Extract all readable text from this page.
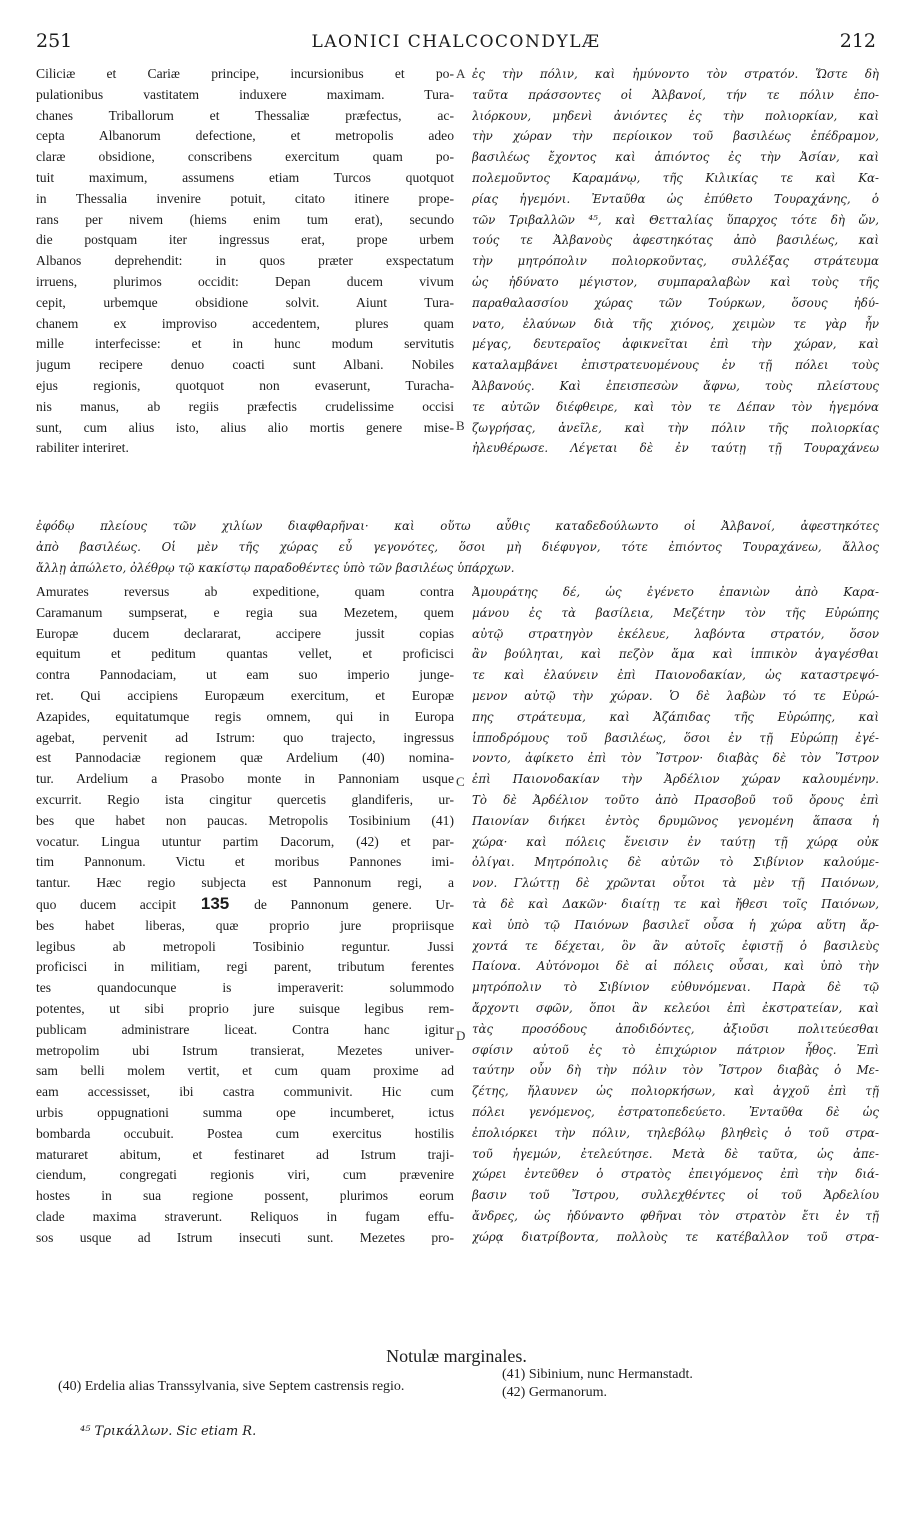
251	LAONICI CHALCOCONDYLÆ	212
Ciliciæ et Cariæ principe, incursionibus et po-
pulationibus vastitatem induxere maximam. Tura-
chanes Triballorum et Thessaliæ præfectus, ac-
cepta Albanorum defectione, et metropolis adeo
claræ obsidione, conscribens exercitum quam po-
tuit maximum, assumens etiam Turcos quotquot
in Thessalia invenire potuit, citato itinere prope-
rans per nivem (hiems enim tum erat), secundo
die postquam iter ingressus erat, prope urbem
Albanos deprehendit: in quos præter exspectatum
irruens, plurimos occidit: Depan ducem vivum
cepit, urbemque obsidione solvit. Aiunt Tura-
chanem ex improviso accedentem, plures quam
mille interfecisse: et in hunc modum servitutis
jugum recipere denuo coacti sunt Albani. Nobiles
ejus regionis, quotquot non evaserunt, Turacha-
nis manus, ab regiis præfectis crudelissime occisi
sunt, cum alius isto, alius alio mortis genere mise-
rabiliter interiret.
ἐς τὴν πόλιν, καὶ ἠμύνοντο τὸν στρατόν. Ὥστε δὴ
ταῦτα πράσσοντες οἱ Ἀλβανοί, τήν τε πόλιν ἐπο-
λιόρκουν, μηδενὶ ἀνιόντες ἐς τὴν πολιορκίαν, καὶ
τὴν χώραν τὴν περίοικον τοῦ βασιλέως ἐπέδραμον,
βασιλέως ἔχοντος καὶ ἀπιόντος ἐς τὴν Ἀσίαν, καὶ
πολεμοῦντος Καραμάνῳ, τῆς Κιλικίας τε καὶ Κα-
ρίας ἡγεμόνι. Ἐνταῦθα ὡς ἐπύθετο Τουραχάνης, ὁ
τῶν Τριβαλλῶν ⁴⁵, καὶ Θετταλίας ὕπαρχος τότε δὴ ὤν,
τούς τε Ἀλβανοὺς ἀφεστηκότας ἀπὸ βασιλέως, καὶ
τὴν μητρόπολιν πολιορκοῦντας, συλλέξας στράτευμα
ὡς ἠδύνατο μέγιστον, συμπαραλαβὼν καὶ τοὺς τῆς
παραθαλασσίου χώρας τῶν Τούρκων, ὅσους ἠδύ-
νατο, ἐλαύνων διὰ τῆς χιόνος, χειμὼν τε γὰρ ἦν
μέγας, δευτεραῖος ἀφικνεῖται ἐπὶ τὴν χώραν, καὶ
καταλαμβάνει ἐπιστρατευομένους ἐν τῇ πόλει τοὺς
Ἀλβανούς. Καὶ ἐπεισπεσὼν ἄφνω, τοὺς πλείστους
τε αὐτῶν διέφθειρε, καὶ τὸν τε Δέπαν τὸν ἡγεμόνα
ζωγρήσας, ἀνεῖλε, καὶ τὴν πόλιν τῆς πολιορκίας
ἠλευθέρωσε. Λέγεται δὲ ἐν ταύτῃ τῇ Τουραχάνεω
ἐφόδῳ πλείους τῶν χιλίων διαφθαρῆναι· καὶ οὕτω αὖθις καταδεδούλωντο οἱ Ἀλβανοί, ἀφεστηκότες
ἀπὸ βασιλέως. Οἱ μὲν τῆς χώρας εὖ γεγονότες, ὅσοι μὴ διέφυγον, τότε ἐπιόντος Τουραχάνεω, ἄλλος
ἄλλῃ ἀπώλετο, ὀλέθρῳ τῷ κακίστῳ παραδοθέντες ὑπὸ τῶν βασιλέως ὑπάρχων.
Amurates reversus ab expeditione, quam contra
Caramanum sumpserat, e regia sua Mezetem, quem
Europæ ducem declararat, accipere jussit copias
equitum et peditum quantas vellet, et proficisci
contra Pannodaciam, ut eam suo imperio junge-
ret. Qui accipiens Europæum exercitum, et Europæ
Azapides, equitatumque regis omnem, qui in Europa
agebat, pervenit ad Istrum: quo trajecto, ingressus
est Pannodaciæ regionem quæ Ardelium (40) nomina-
tur. Ardelium a Prasobo monte in Pannoniam usque
excurrit. Regio ista cingitur quercetis glandiferis, ur-
bes que habet non paucas. Metropolis Tosibinium (41)
vocatur. Lingua utuntur partim Dacorum, (42) et par-
tim Pannonum. Victu et moribus Pannones imi-
tantur. Hæc regio subjecta est Pannonum regi, a
quo ducem accipit 135 de Pannonum genere. Ur-
bes habet liberas, quæ proprio jure propriisque
legibus ab metropoli Tosibinio reguntur. Jussi
proficisci in militiam, regi parent, tributum ferentes
tes quandocunque is imperaverit: solummodo
potentes, ut sibi proprio jure suisque legibus rem-
publicam administrare liceat. Contra hanc igitur
metropolim ubi Istrum transierat, Mezetes univer-
sam belli molem vertit, et cum quam proxime ad
eam accessisset, ibi castra communivit. Hic cum
urbis oppugnationi summa ope incumberet, ictus
bombarda occubuit. Postea cum exercitus hostilis
maturaret abitum, et festinaret ad Istrum traji-
ciendum, congregati regionis viri, cum prævenire
hostes in sua regione possent, plurimos eorum
clade maxima straverunt. Reliquos in fugam effu-
sos usque ad Istrum insecuti sunt. Mezetes pro-
Ἀμουράτης δέ, ὡς ἐγένετο ἐπανιὼν ἀπὸ Καρα-
μάνου ἐς τὰ βασίλεια, Μεζέτην τὸν τῆς Εὐρώπης
αὐτῷ στρατηγὸν ἐκέλευε, λαβόντα στρατόν, ὅσον
ἂν βούληται, καὶ πεζὸν ἅμα καὶ ἱππικὸν ἀγαγέσθαι
τε καὶ ἐλαύνειν ἐπὶ Παιονοδακίαν, ὡς καταστρεψό-
μενον αὐτῷ τὴν χώραν. Ὁ δὲ λαβὼν τό τε Εὐρώ-
πης στράτευμα, καὶ Ἀζάπιδας τῆς Εὐρώπης, καὶ
ἱπποδρόμους τοῦ βασιλέως, ὅσοι ἐν τῇ Εὐρώπῃ ἐγέ-
νοντο, ἀφίκετο ἐπὶ τὸν Ἴστρον· διαβὰς δὲ τὸν Ἴστρον
ἐπὶ Παιονοδακίαν τὴν Ἀρδέλιον χώραν καλουμένην.
Τὸ δὲ Ἀρδέλιον τοῦτο ἀπὸ Πρασοβοῦ τοῦ ὄρους ἐπὶ
Παιονίαν διήκει ἐντὸς δρυμῶνος γενομένη ἅπασα ἡ
χώρα· καὶ πόλεις ἔνεισιν ἐν ταύτῃ τῇ χώρᾳ οὐκ
ὀλίγαι. Μητρόπολις δὲ αὐτῶν τὸ Σιβίνιον καλούμε-
νον. Γλώττῃ δὲ χρῶνται οὗτοι τὰ μὲν τῇ Παιόνων,
τὰ δὲ καὶ Δακῶν· διαίτῃ τε καὶ ἤθεσι τοῖς Παιόνων,
καὶ ὑπὸ τῷ Παιόνων βασιλεῖ οὖσα ἡ χώρα αὕτη ἄρ-
χοντά τε δέχεται, ὃν ἂν αὐτοῖς ἐφιστῇ ὁ βασιλεὺς
Παίονα. Αὐτόνομοι δὲ αἱ πόλεις οὖσαι, καὶ ὑπὸ τὴν
μητρόπολιν τὸ Σιβίνιον εὐθυνόμεναι. Παρὰ δὲ τῷ
ἄρχοντι σφῶν, ὅποι ἂν κελεύοι ἐπὶ ἐκστρατείαν, καὶ
τὰς προσόδους ἀποδιδόντες, ἀξιοῦσι πολιτεύεσθαι
σφίσιν αὐτοῦ ἐς τὸ ἐπιχώριον πάτριον ἦθος. Ἐπὶ
ταύτην οὖν δὴ τὴν πόλιν τὸν Ἴστρον διαβὰς ὁ Με-
ζέτης, ἤλαυνεν ὡς πολιορκήσων, καὶ ἀγχοῦ ἐπὶ τῇ
πόλει γενόμενος, ἐστρατοπεδεύετο. Ἐνταῦθα δὲ ὡς
ἐπολιόρκει τὴν πόλιν, τηλεβόλῳ βληθεὶς ὁ τοῦ στρα-
τοῦ ἡγεμών, ἐτελεύτησε. Μετὰ δὲ ταῦτα, ὡς ἀπε-
χώρει ἐντεῦθεν ὁ στρατὸς ἐπειγόμενος ἐπὶ τὴν διά-
βασιν τοῦ Ἴστρου, συλλεχθέντες οἱ τοῦ Ἀρδελίου
ἄνδρες, ὡς ἠδύναντο φθῆναι τὸν στρατὸν ἔτι ἐν τῇ
χώρᾳ διατρίβοντα, πολλοὺς τε κατέβαλλον τοῦ στρα-
A
B
C
D
Notulæ marginales.
(40) Erdelia alias Transsylvania, sive Septem castrensis regio.
(41) Sibinium, nunc Hermanstadt.
(42) Germanorum.
⁴⁵ Τρικάλλων. Sic etiam R.
